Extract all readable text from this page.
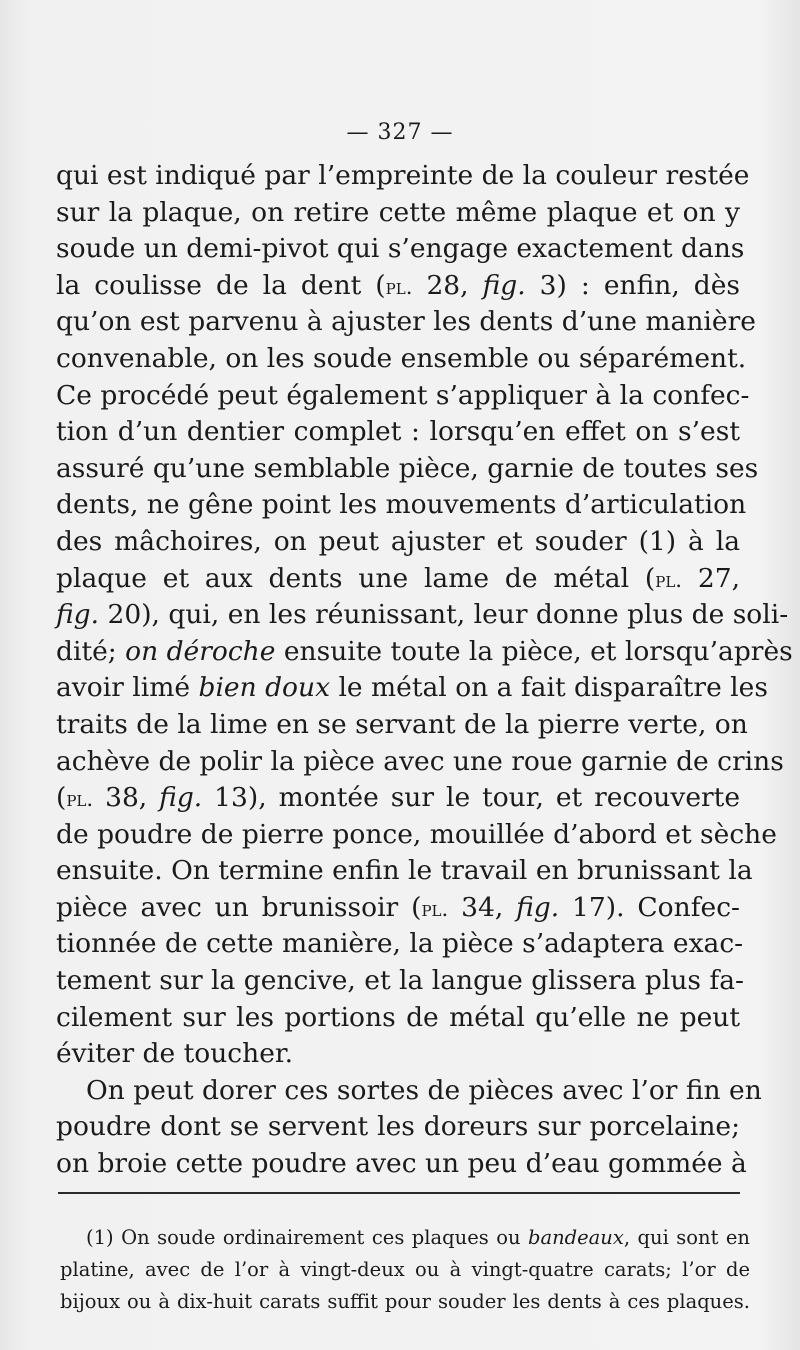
— 327 —
qui est indiqué par l’empreinte de la couleur restée
sur la plaque, on retire cette même plaque et on y
soude un demi-pivot qui s’engage exactement dans
la coulisse de la dent (pl. 28, fig. 3) : enfin, dès
qu’on est parvenu à ajuster les dents d’une manière
convenable, on les soude ensemble ou séparément.
Ce procédé peut également s’appliquer à la confec-
tion d’un dentier complet : lorsqu’en effet on s’est
assuré qu’une semblable pièce, garnie de toutes ses
dents, ne gêne point les mouvements d’articulation
des mâchoires, on peut ajuster et souder (1) à la
plaque et aux dents une lame de métal (pl. 27,
fig. 20), qui, en les réunissant, leur donne plus de soli-
dité; on déroche ensuite toute la pièce, et lorsqu’après
avoir limé bien doux le métal on a fait disparaître les
traits de la lime en se servant de la pierre verte, on
achève de polir la pièce avec une roue garnie de crins
(pl. 38, fig. 13), montée sur le tour, et recouverte
de poudre de pierre ponce, mouillée d’abord et sèche
ensuite. On termine enfin le travail en brunissant la
pièce avec un brunissoir (pl. 34, fig. 17). Confec-
tionnée de cette manière, la pièce s’adaptera exac-
tement sur la gencive, et la langue glissera plus fa-
cilement sur les portions de métal qu’elle ne peut
éviter de toucher.
On peut dorer ces sortes de pièces avec l’or fin en
poudre dont se servent les doreurs sur porcelaine;
on broie cette poudre avec un peu d’eau gommée à
(1) On soude ordinairement ces plaques ou bandeaux, qui sont en
platine, avec de l’or à vingt-deux ou à vingt-quatre carats; l’or de
bijoux ou à dix-huit carats suffit pour souder les dents à ces plaques.
